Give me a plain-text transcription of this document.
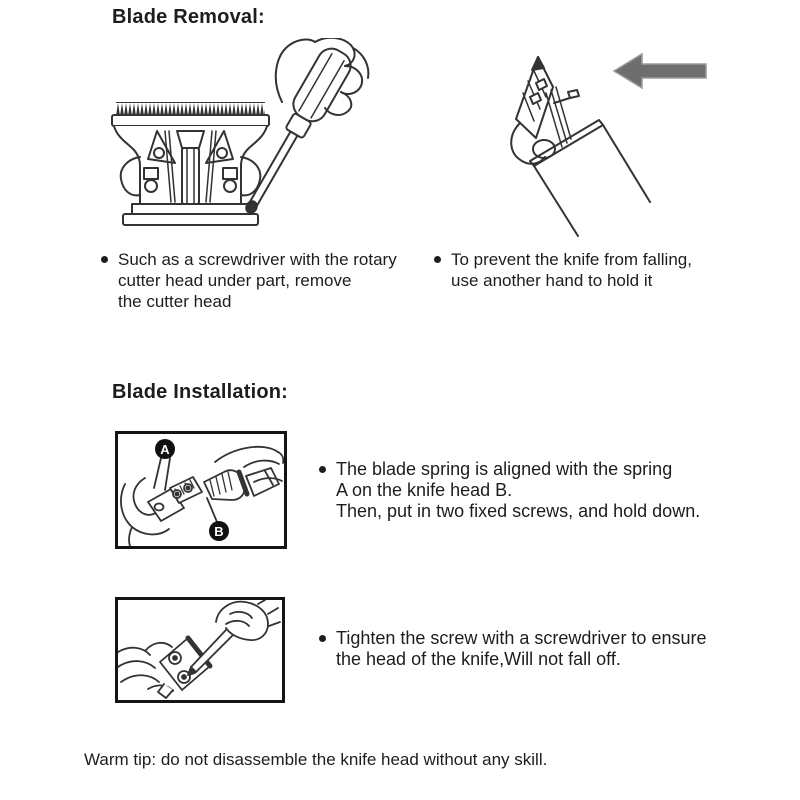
Blade Removal:
Such as a screwdriver with the rotary
cutter head under part, remove
the cutter head
To prevent the knife from falling,
use another hand to hold it
Blade Installation:
A
B
The blade spring is aligned with the spring
A on the knife head B.
Then, put in two fixed screws, and hold down.
Tighten the screw with a screwdriver to ensure
the head of the knife,Will not fall off.
Warm tip: do not disassemble the knife head without any skill.
